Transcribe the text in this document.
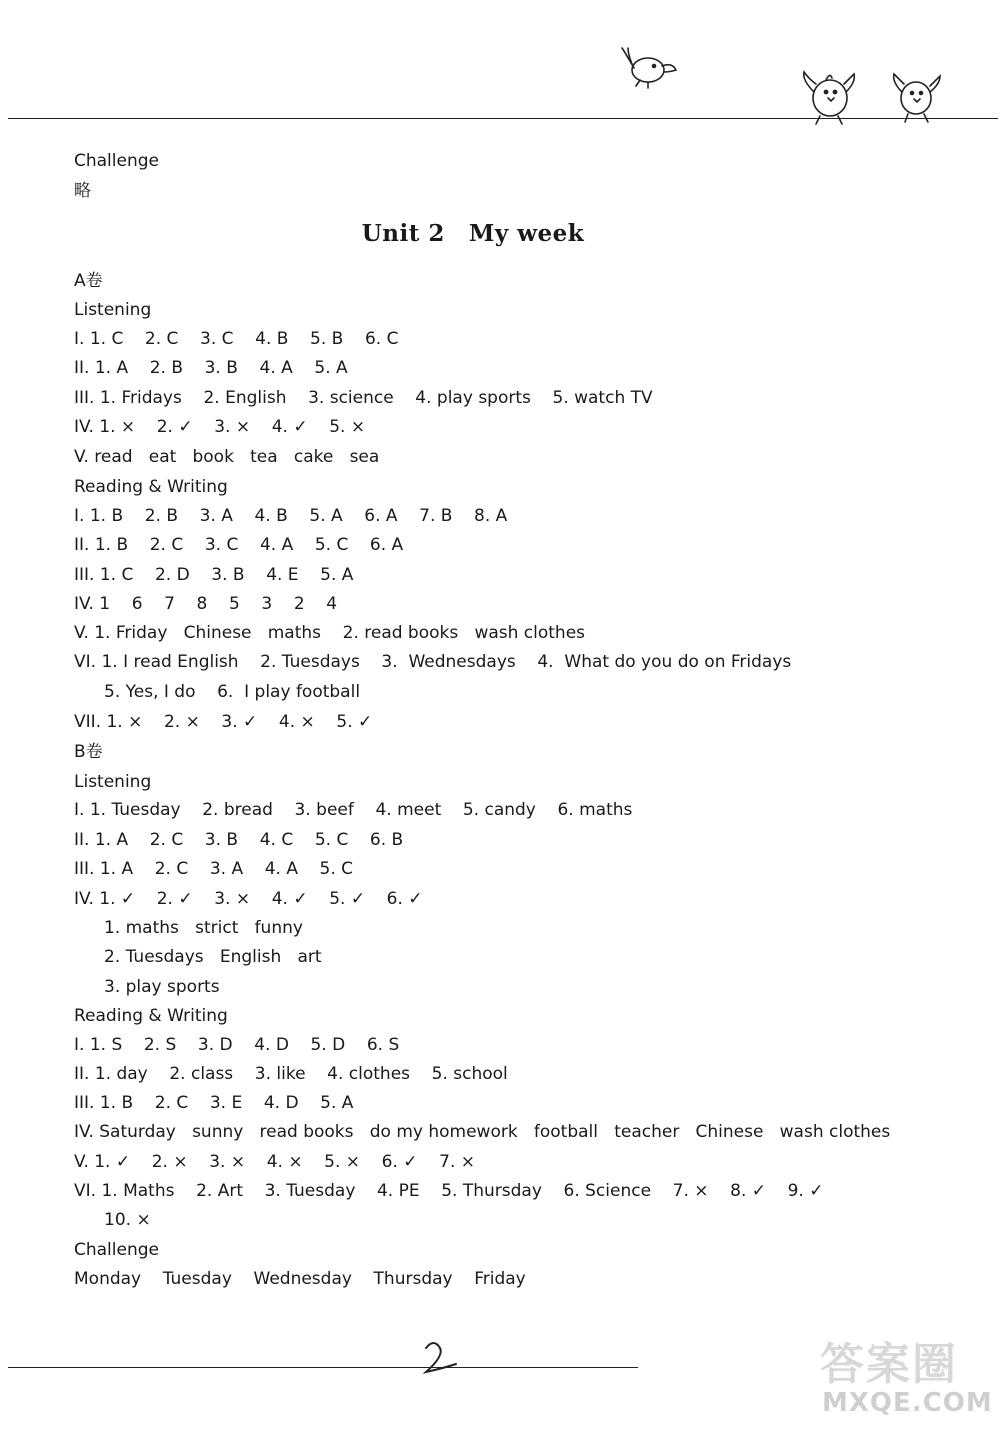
Challenge
略
Unit 2 My week
A卷
Listening
I. 1. C    2. C    3. C    4. B    5. B    6. C
II. 1. A    2. B    3. B    4. A    5. A
III. 1. Fridays    2. English    3. science    4. play sports    5. watch TV
IV. 1. ×    2. ✓    3. ×    4. ✓    5. ×
V. read   eat   book   tea   cake   sea
Reading & Writing
I. 1. B    2. B    3. A    4. B    5. A    6. A    7. B    8. A
II. 1. B    2. C    3. C    4. A    5. C    6. A
III. 1. C    2. D    3. B    4. E    5. A
IV. 1    6    7    8    5    3    2    4
V. 1. Friday   Chinese   maths    2. read books   wash clothes
VI. 1. I read English    2. Tuesdays    3.  Wednesdays    4.  What do you do on Fridays
5. Yes, I do    6.  I play football
VII. 1. ×    2. ×    3. ✓    4. ×    5. ✓
B卷
Listening
I. 1. Tuesday    2. bread    3. beef    4. meet    5. candy    6. maths
II. 1. A    2. C    3. B    4. C    5. C    6. B
III. 1. A    2. C    3. A    4. A    5. C
IV. 1. ✓    2. ✓    3. ×    4. ✓    5. ✓    6. ✓
1. maths   strict   funny
2. Tuesdays   English   art
3. play sports
Reading & Writing
I. 1. S    2. S    3. D    4. D    5. D    6. S
II. 1. day    2. class    3. like    4. clothes    5. school
III. 1. B    2. C    3. E    4. D    5. A
IV. Saturday   sunny   read books   do my homework   football   teacher   Chinese   wash clothes
V. 1. ✓    2. ×    3. ×    4. ×    5. ×    6. ✓    7. ×
VI. 1. Maths    2. Art    3. Tuesday    4. PE    5. Thursday    6. Science    7. ×    8. ✓    9. ✓
10. ×
Challenge
Monday    Tuesday    Wednesday    Thursday    Friday
答案圈
MXQE.COM
